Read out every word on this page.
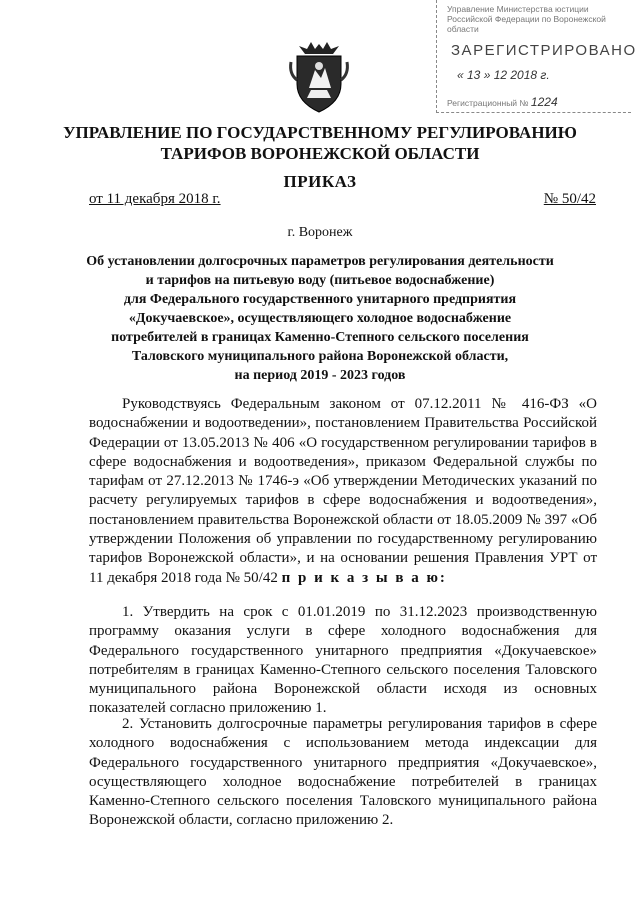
Управление Министерства юстиции Российской Федерации по Воронежской области
ЗАРЕГИСТРИРОВАНО
« 13 » 12 2018 г.
Регистрационный № 1224
УПРАВЛЕНИЕ ПО ГОСУДАРСТВЕННОМУ РЕГУЛИРОВАНИЮ
ТАРИФОВ ВОРОНЕЖСКОЙ ОБЛАСТИ
ПРИКАЗ
от 11 декабря 2018 г.	№ 50/42
г. Воронеж
Об установлении долгосрочных параметров регулирования деятельности
и тарифов на питьевую воду (питьевое водоснабжение)
для Федерального государственного унитарного предприятия
«Докучаевское», осуществляющего холодное водоснабжение
потребителей в границах Каменно-Степного сельского поселения
Таловского муниципального района Воронежской области,
на период 2019 - 2023 годов

Руководствуясь Федеральным законом от 07.12.2011 № 416-ФЗ «О водоснабжении и водоотведении», постановлением Правительства Российской Федерации от 13.05.2013 № 406 «О государственном регулировании тарифов в сфере водоснабжения и водоотведения», приказом Федеральной службы по тарифам от 27.12.2013 № 1746-э «Об утверждении Методических указаний по расчету регулируемых тарифов в сфере водоснабжения и водоотведения», постановлением правительства Воронежской области от 18.05.2009 № 397 «Об утверждении Положения об управлении по государственному регулированию тарифов Воронежской области», и на основании решения Правления УРТ от 11 декабря 2018 года № 50/42 п р и к а з ы в а ю:

1. Утвердить на срок с 01.01.2019 по 31.12.2023 производственную программу оказания услуги в сфере холодного водоснабжения для Федерального государственного унитарного предприятия «Докучаевское» потребителям в границах Каменно-Степного сельского поселения Таловского муниципального района Воронежской области исходя из основных показателей согласно приложению 1.

2. Установить долгосрочные параметры регулирования тарифов в сфере холодного водоснабжения с использованием метода индексации для Федерального государственного унитарного предприятия «Докучаевское», осуществляющего холодное водоснабжение потребителей в границах Каменно-Степного сельского поселения Таловского муниципального района Воронежской области, согласно приложению 2.
